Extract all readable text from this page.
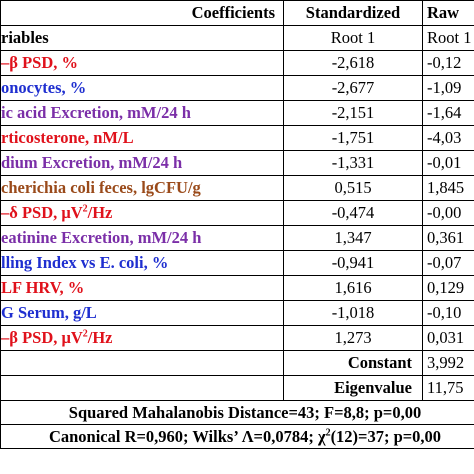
Coefficients	Standardized	Raw
riables	Root 1	Root 1
–β PSD, %	-2,618	-0,12
onocytes, %	-2,677	-1,09
ic acid Excretion, mM/24 h	-2,151	-1,64
rticosterone, nM/L	-1,751	-4,03
dium Excretion, mM/24 h	-1,331	-0,01
cherichia coli feces, lgCFU/g	0,515	1,845
–δ PSD, $\mu V^2/Hz$	-0,474	-0,00
eatinine Excretion, mM/24 h	1,347	0,361
lling Index vs E. coli, %	-0,941	-0,07
LF HRV, %	1,616	0,129
G Serum, g/L	-1,018	-0,10
–β PSD, $\mu V^2/Hz$	1,273	0,031
	Constant	3,992
	Eigenvalue	11,75
Squared Mahalanobis Distance=43; F=8,8; p=0,00		
Canonical R=0,960; Wilks’ Λ=0,0784; $\chi^2(12)=37$; p=0,00		
